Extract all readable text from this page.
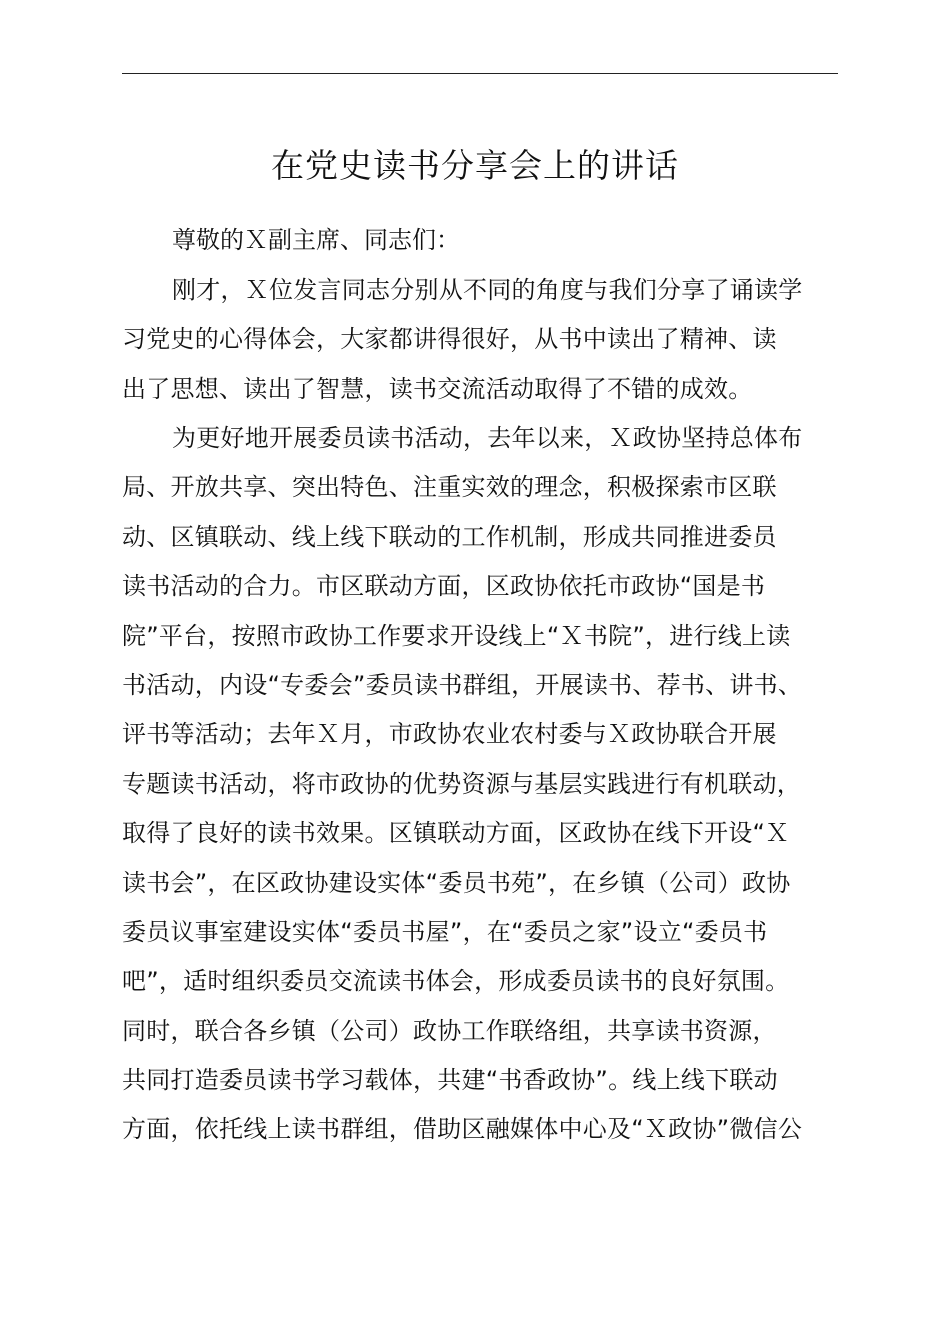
在党史读书分享会上的讲话

尊敬的Ｘ副主席、同志们：

刚才，Ｘ位发言同志分别从不同的角度与我们分享了诵读学
习党史的心得体会，大家都讲得很好，从书中读出了精神、读
出了思想、读出了智慧，读书交流活动取得了不错的成效。
为更好地开展委员读书活动，去年以来，Ｘ政协坚持总体布
局、开放共享、突出特色、注重实效的理念，积极探索市区联
动、区镇联动、线上线下联动的工作机制，形成共同推进委员
读书活动的合力。市区联动方面，区政协依托市政协“国是书
院”平台，按照市政协工作要求开设线上“Ｘ书院”，进行线上读
书活动，内设“专委会”委员读书群组，开展读书、荐书、讲书、
评书等活动；去年Ｘ月，市政协农业农村委与Ｘ政协联合开展
专题读书活动，将市政协的优势资源与基层实践进行有机联动，
取得了良好的读书效果。区镇联动方面，区政协在线下开设“Ｘ
读书会”，在区政协建设实体“委员书苑”，在乡镇（公司）政协
委员议事室建设实体“委员书屋”，在“委员之家”设立“委员书
吧”，适时组织委员交流读书体会，形成委员读书的良好氛围。
同时，联合各乡镇（公司）政协工作联络组，共享读书资源，
共同打造委员读书学习载体，共建“书香政协”。线上线下联动
方面，依托线上读书群组，借助区融媒体中心及“Ｘ政协”微信公
